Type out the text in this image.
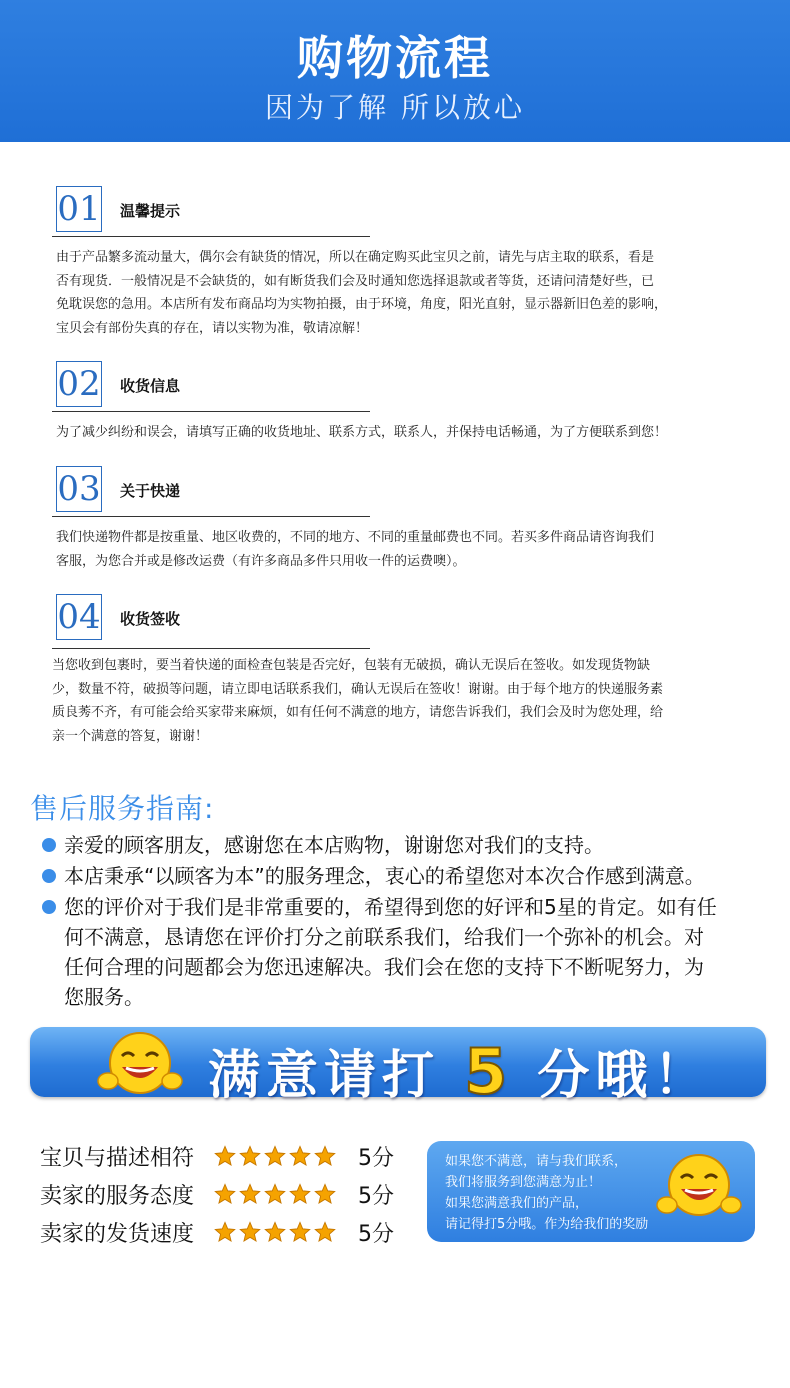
购物流程
因为了解 所以放心
01 温馨提示
由于产品繁多流动量大，偶尔会有缺货的情况，所以在确定购买此宝贝之前，请先与店主取的联系，看是
否有现货．一般情况是不会缺货的，如有断货我们会及时通知您选择退款或者等货，还请问清楚好些，已
免耽误您的急用。本店所有发布商品均为实物拍摄，由于环境，角度，阳光直射，显示器新旧色差的影响，
宝贝会有部份失真的存在，请以实物为准，敬请凉解！
02 收货信息
为了减少纠纷和误会，请填写正确的收货地址、联系方式，联系人，并保持电话畅通，为了方便联系到您！
03 关于快递
我们快递物件都是按重量、地区收费的，不同的地方、不同的重量邮费也不同。若买多件商品请咨询我们
客服，为您合并或是修改运费（有许多商品多件只用收一件的运费噢）。
04 收货签收
当您收到包裹时，要当着快递的面检查包装是否完好，包装有无破损，确认无误后在签收。如发现货物缺
少，数量不符，破损等问题，请立即电话联系我们，确认无误后在签收！谢谢。由于每个地方的快递服务素
质良莠不齐，有可能会给买家带来麻烦，如有任何不满意的地方，请您告诉我们，我们会及时为您处理，给
亲一个满意的答复，谢谢！
售后服务指南:
亲爱的顾客朋友，感谢您在本店购物，谢谢您对我们的支持。
本店秉承“以顾客为本”的服务理念，衷心的希望您对本次合作感到满意。
您的评价对于我们是非常重要的，希望得到您的好评和5星的肯定。如有任
何不满意，恳请您在评价打分之前联系我们，给我们一个弥补的机会。对
任何合理的问题都会为您迅速解决。我们会在您的支持下不断呢努力，为
您服务。
满意请打 5 分哦！
宝贝与描述相符	5分
卖家的服务态度	5分
卖家的发货速度	5分
如果您不满意，请与我们联系，
我们将服务到您满意为止！
如果您满意我们的产品，
请记得打5分哦。作为给我们的奖励
